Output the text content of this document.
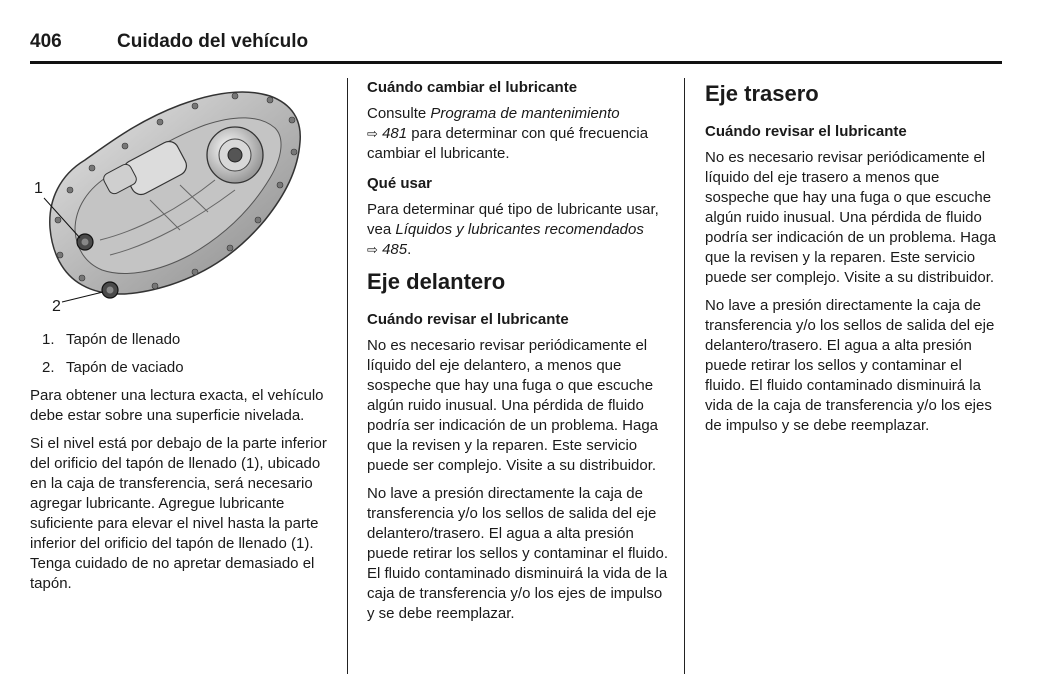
406	Cuidado del vehículo
1
2
1. Tapón de llenado
2. Tapón de vaciado

Para obtener una lectura exacta, el vehículo debe estar sobre una superficie nivelada.

Si el nivel está por debajo de la parte inferior del orificio del tapón de llenado (1), ubicado en la caja de transferencia, será necesario agregar lubricante. Agregue lubricante suficiente para elevar el nivel hasta la parte inferior del orificio del tapón de llenado (1). Tenga cuidado de no apretar demasiado el tapón.

Cuándo cambiar el lubricante

Consulte Programa de mantenimiento
⇨ 481 para determinar con qué frecuencia cambiar el lubricante.

Qué usar

Para determinar qué tipo de lubricante usar, vea Líquidos y lubricantes recomendados
⇨ 485.

Eje delantero
Cuándo revisar el lubricante

No es necesario revisar periódicamente el líquido del eje delantero, a menos que sospeche que hay una fuga o que escuche algún ruido inusual. Una pérdida de fluido podría ser indicación de un problema. Haga que la revisen y la reparen. Este servicio puede ser complejo. Visite a su distribuidor.

No lave a presión directamente la caja de transferencia y/o los sellos de salida del eje delantero/trasero. El agua a alta presión puede retirar los sellos y contaminar el fluido. El fluido contaminado disminuirá la vida de la caja de transferencia y/o los ejes de impulso y se debe reemplazar.

Eje trasero
Cuándo revisar el lubricante

No es necesario revisar periódicamente el líquido del eje trasero a menos que sospeche que hay una fuga o que escuche algún ruido inusual. Una pérdida de fluido podría ser indicación de un problema. Haga que la revisen y la reparen. Este servicio puede ser complejo. Visite a su distribuidor.

No lave a presión directamente la caja de transferencia y/o los sellos de salida del eje delantero/trasero. El agua a alta presión puede retirar los sellos y contaminar el fluido. El fluido contaminado disminuirá la vida de la caja de transferencia y/o los ejes de impulso y se debe reemplazar.
